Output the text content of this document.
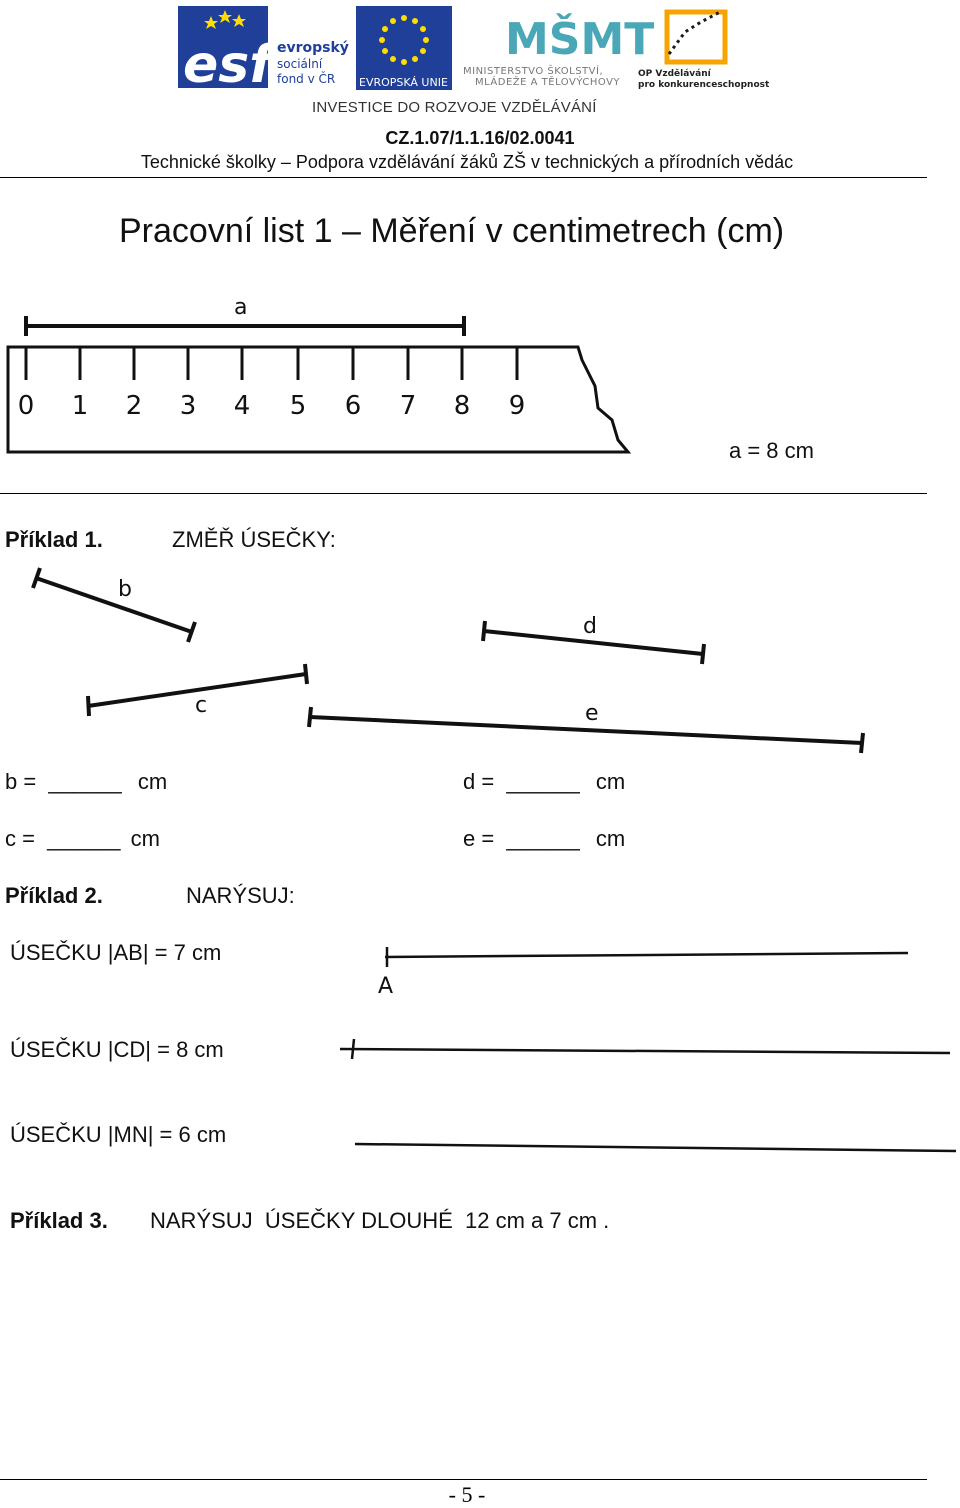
esf evropský
sociální
fond v ČR EVROPSKÁ UNIE
MŠMT
MINISTERSTVO ŠKOLSTVÍ,
MLÁDEŽE A TĚLOVÝCHOVY
OP Vzdělávání
pro konkurenceschopnost
INVESTICE DO ROZVOJE VZDĚLÁVÁNÍ
CZ.1.07/1.1.16/02.0041
Technické školky – Podpora vzdělávání žáků ZŠ v technických a přírodních vědác
Pracovní list 1 – Měření v centimetrech (cm)
a
0 1 2 3 4 5 6 7 8 9
a = 8 cm
Příklad 1.	ZMĚŘ ÚSEČKY:
b
c
d
e
b = ______ cm
c = ______ cm
d = ______ cm
e = ______ cm
Příklad 2.	NARÝSUJ:
ÚSEČKU |AB| = 7 cm
ÚSEČKU |CD| = 8 cm
ÚSEČKU |MN| = 6 cm
A
Příklad 3. NARÝSUJ  ÚSEČKY DLOUHÉ  12 cm a 7 cm .
- 5 -
